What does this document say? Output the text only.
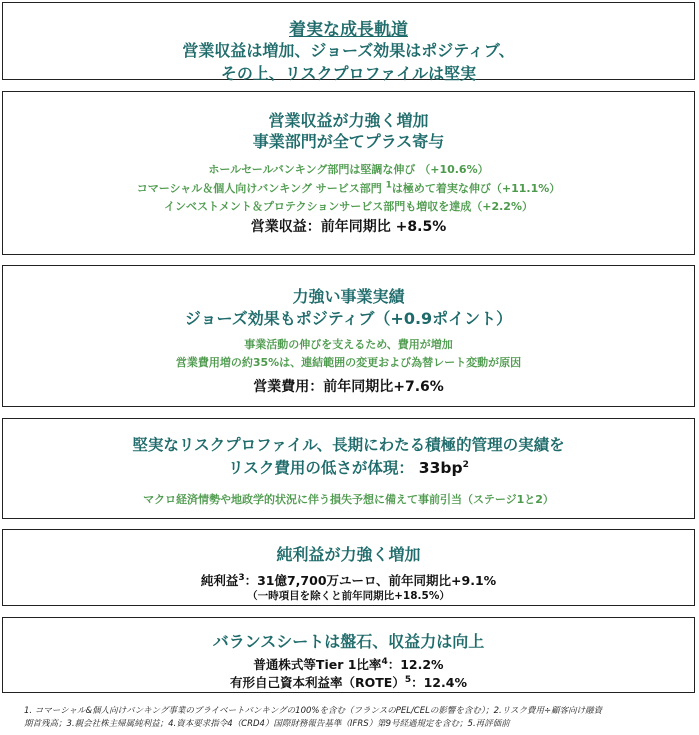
着実な成長軌道
営業収益は増加、ジョーズ効果はポジティブ、
その上、リスクプロファイルは堅実
営業収益が力強く増加
事業部門が全てプラス寄与
ホールセールバンキング部門は堅調な伸び （+10.6%）
コマーシャル＆個人向けバンキング サービス部門 $^1$は極めて着実な伸び（+11.1%）
インベストメント＆プロテクションサービス部門も増収を達成（+2.2%）
営業収益：前年同期比 +8.5%
力強い事業実績
ジョーズ効果もポジティブ（+0.9ポイント）
事業活動の伸びを支えるため、費用が増加
営業費用増の約35%は、連結範囲の変更および為替レート変動が原因
営業費用：前年同期比+7.6%
堅実なリスクプロファイル、長期にわたる積極的管理の実績を
リスク費用の低さが体現： $33bp^2$
マクロ経済情勢や地政学的状況に伴う損失予想に備えて事前引当（ステージ1と2）
純利益が力強く増加
純利益$^3$：31億7,700万ユーロ、前年同期比+9.1%
（一時項目を除くと前年同期比+18.5%）
バランスシートは盤石、収益力は向上
普通株式等Tier 1比率$^4$：12.2%
有形自己資本利益率（ROTE）$^5$：12.4%
1. コマーシャル&個人向けバンキング事業のプライベートバンキングの100%を含む（フランスのPEL/CELの影響を含む）；2.リスク費用÷顧客向け融資
期首残高；3.親会社株主帰属純利益；4.資本要求指令4（CRD4）国際財務報告基準（IFRS）第9号経過規定を含む；5.再評価前
